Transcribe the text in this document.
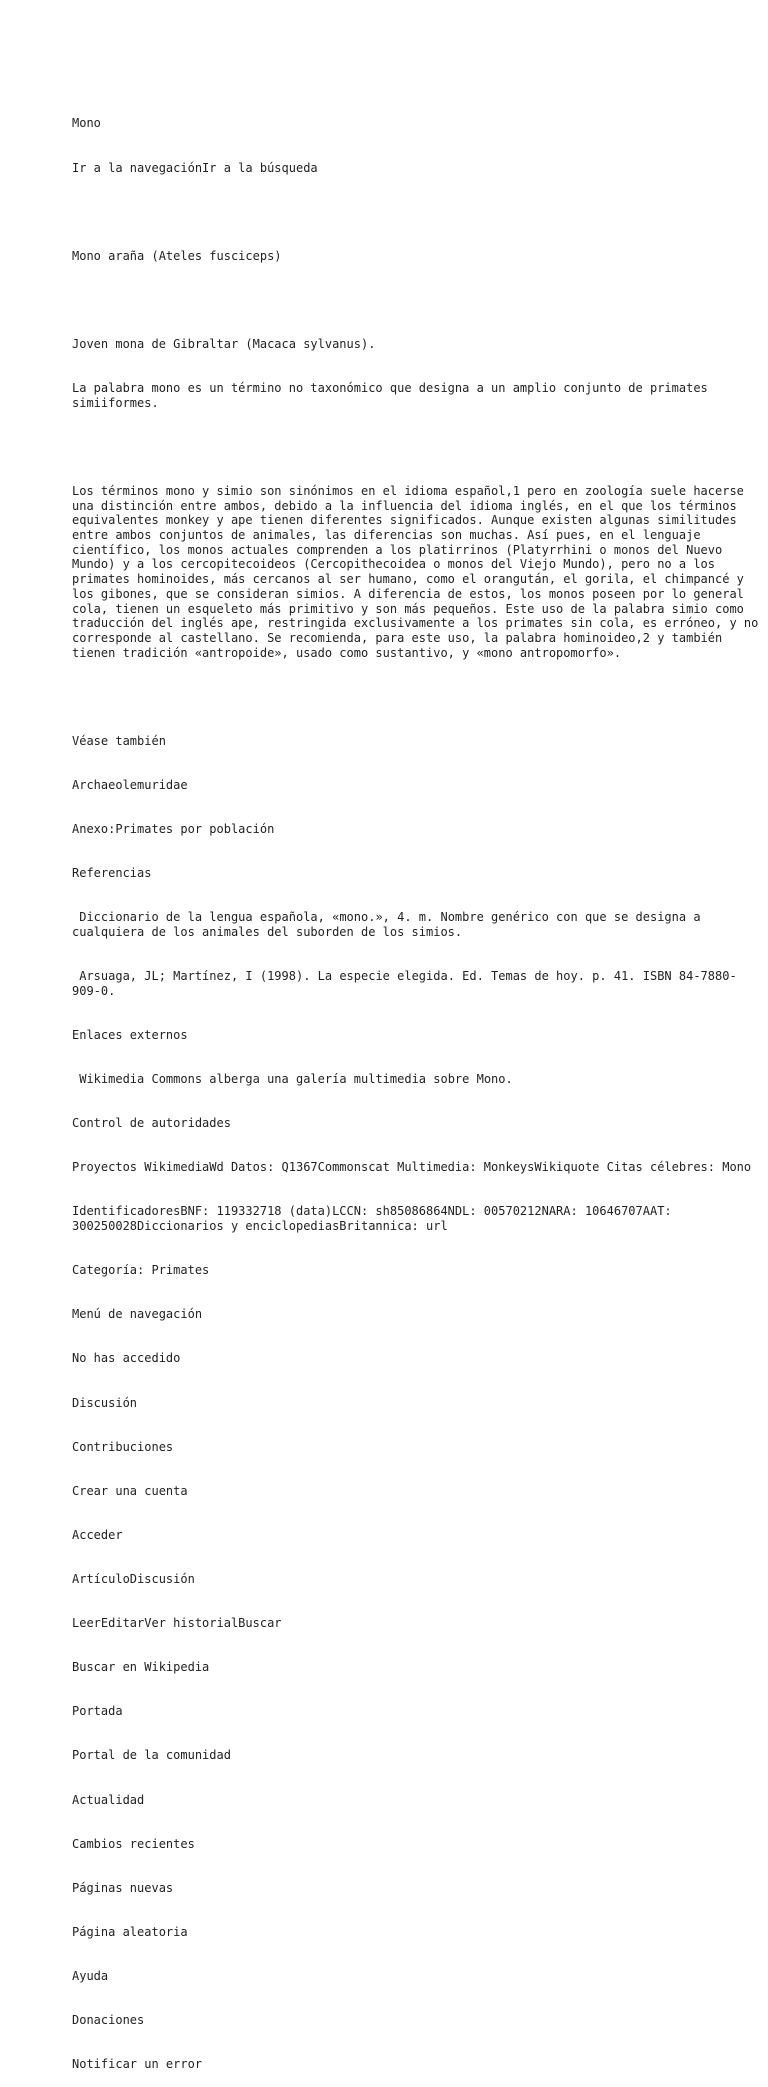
Mono

Ir a la navegaciónIr a la búsqueda

Mono araña (Ateles fusciceps)

Joven mona de Gibraltar (Macaca sylvanus).

La palabra mono es un término no taxonómico que designa a un amplio conjunto de primates simiiformes.

Los términos mono y simio son sinónimos en el idioma español,1 pero en zoología suele hacerse una distinción entre ambos, debido a la influencia del idioma inglés, en el que los términos equivalentes monkey y ape tienen diferentes significados. Aunque existen algunas similitudes entre ambos conjuntos de animales, las diferencias son muchas. Así pues, en el lenguaje científico, los monos actuales comprenden a los platirrinos (Platyrrhini o monos del Nuevo Mundo) y a los cercopitecoideos (Cercopithecoidea o monos del Viejo Mundo), pero no a los primates hominoides, más cercanos al ser humano, como el orangután, el gorila, el chimpancé y los gibones, que se consideran simios. A diferencia de estos, los monos poseen por lo general cola, tienen un esqueleto más primitivo y son más pequeños. Este uso de la palabra simio como traducción del inglés ape, restringida exclusivamente a los primates sin cola, es erróneo, y no corresponde al castellano. Se recomienda, para este uso, la palabra hominoideo,2 y también tienen tradición «antropoide», usado como sustantivo, y «mono antropomorfo».

Véase también

Archaeolemuridae

Anexo:Primates por población

Referencias

Diccionario de la lengua española, «mono.», 4. m. Nombre genérico con que se designa a cualquiera de los animales del suborden de los simios.

Arsuaga, JL; Martínez, I (1998). La especie elegida. Ed. Temas de hoy. p. 41. ISBN 84-7880-909-0.

Enlaces externos

Wikimedia Commons alberga una galería multimedia sobre Mono.

Control de autoridades

Proyectos WikimediaWd Datos: Q1367Commonscat Multimedia: MonkeysWikiquote Citas célebres: Mono

IdentificadoresBNF: 119332718 (data)LCCN: sh85086864NDL: 00570212NARA: 10646707AAT: 300250028Diccionarios y enciclopediasBritannica: url

Categoría: Primates

Menú de navegación

No has accedido

Discusión

Contribuciones

Crear una cuenta

Acceder

ArtículoDiscusión

LeerEditarVer historialBuscar

Buscar en Wikipedia

Portada

Portal de la comunidad

Actualidad

Cambios recientes

Páginas nuevas

Página aleatoria

Ayuda

Donaciones

Notificar un error
